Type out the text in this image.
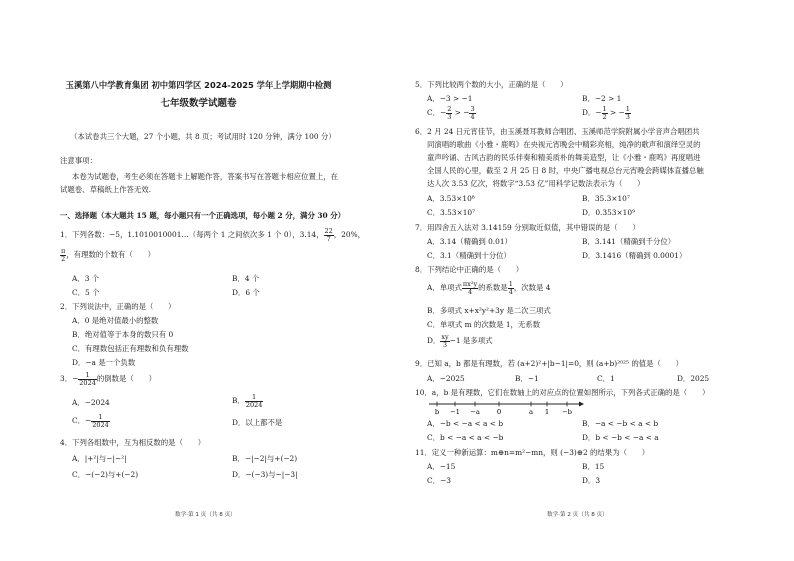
玉溪第八中学教育集团 初中第四学区 2024-2025 学年上学期期中检测
七年级数学试题卷
（本试卷共三个大题，27 个小题，共 8 页；考试用时 120 分钟，满分 100 分）
注意事项：
本卷为试题卷，考生必须在答题卡上解题作答，答案书写在答题卡相应位置上，在
试题卷、草稿纸上作答无效.
一、选择题（本大题共 15 题，每小题只有一个正确选项，每小题 2 分，满分 30 分）
1．下列各数：−5，1.1010010001…（每两个 1 之间依次多 1 个 0），3.14， $\frac{22}{7}$ ，20%，
$\frac{\pi}{2}$ ，有理数的个数有（　　）
A．3 个	B．4 个
C．5 个	D．6 个
2．下列说法中，正确的是（　　）
A．0 是绝对值最小的整数
B．绝对值等于本身的数只有 0
C．有理数包括正有理数和负有理数
D．−a 是一个负数
3．− $\frac{1}{2024}$ 的倒数是（　　）
A．−2024	B． $\frac{1}{2024}$
C．− $\frac{1}{2024}$	D．以上都不是
4．下列各组数中，互为相反数的是（　　）
A．|+²|与−|−²|	B．−|−2|与+(−2)
C．−(−2)与+(−2)	D．−(−3)与−|−3|
数学·第 1 页（共 8 页）
5．下列比较两个数的大小，正确的是（　　）
A．−3 > −1	B．−2 > 1
C．− $\frac{2}{3}$ > − $\frac{3}{4}$	D．− $\frac{1}{2}$ > − $\frac{1}{3}$
6．2 月 24 日元宵佳节，由玉溪聂耳教师合唱团、玉溪师范学院附属小学音声合唱团共
同演唱的歌曲《小雅・鹿鸣》在央视元宵晚会中精彩亮相，纯净的歌声和演绎空灵的
童声吟诵、古风古韵的民乐伴奏和精美质朴的舞美造型，让《小雅・鹿鸣》再度唱进
全国人民的心里，截至 2 月 25 日 8 时，中央广播电视总台元宵晚会跨媒体直播总触
达人次 3.53 亿次，将数字“3.53 亿”用科学记数法表示为（　　）
A．3.53×10⁸	B．35.3×10⁷
C．3.53×10⁷	D．0.353×10⁹
7．用四舍五入法对 3.14159 分别取近似值，其中错误的是（　　）
A．3.14（精确到 0.01）	B．3.141（精确到千分位）
C．3.1（精确到十分位）	D．3.1416（精确到 0.0001）
8．下列结论中正确的是（　　）
A．单项式 $\frac{\text{πx²y}}{4}$ 的系数是 $\frac{1}{4}$ ，次数是 4
B．多项式 x+x²y²+3y 是二次三项式
C．单项式 m 的次数是 1，无系数
D． $\frac{xy}{3} -1$ 是多项式
9．已知 a，b 都是有理数，若 (a+2)²+|b−1|=0，则 (a+b)²⁰²⁵ 的值是（　　）
A．−2025	B．−1	C．1	D．2025
10．a，b 是有理数，它们在数轴上的对应点的位置如图所示，下列各式正确的是（　　）
b −1 −a 0	a 1 −b
A．−b < −a < a < b	B．−a < −b < a < b
C．b < −a < a < −b	D．b < −b < −a < a
11．定义一种新运算：m⊕n=m²−mn，则 (−3)⊕2 的结果为（　　）
A．−15	B．15
C．−3	D．3
数学·第 2 页（共 8 页）
